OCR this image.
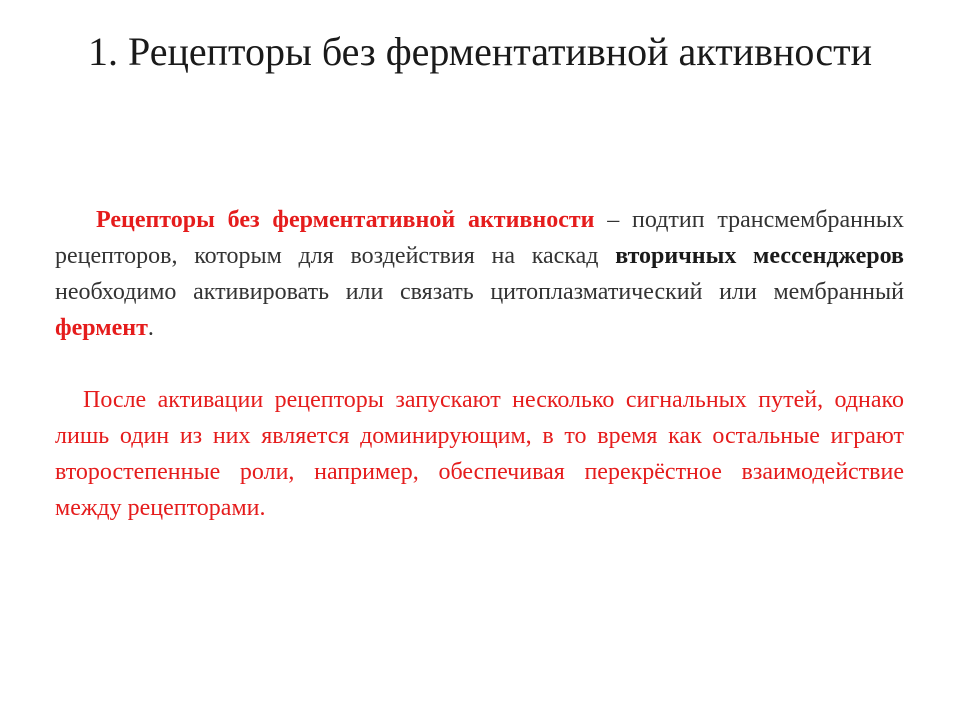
1. Рецепторы без ферментативной активности

Рецепторы без ферментативной активности – подтип трансмембранных рецепторов, которым для воздействия на каскад вторичных мессенджеров необходимо активировать или связать цитоплазматический или мембранный фермент.

После активации рецепторы запускают несколько сигнальных путей, однако лишь один из них является доминирующим, в то время как остальные играют второстепенные роли, например, обеспечивая перекрёстное взаимодействие между рецепторами.
